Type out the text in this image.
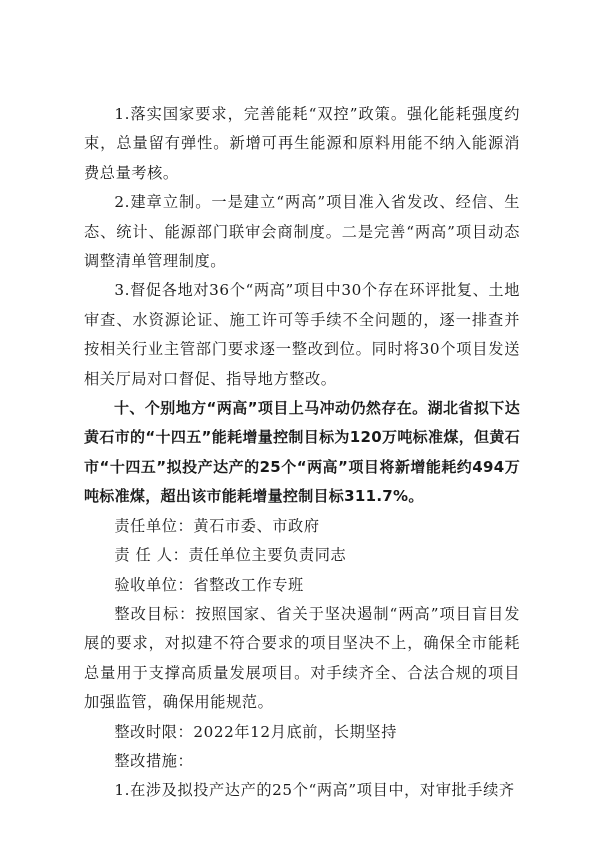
1.落实国家要求，完善能耗“双控”政策。强化能耗强度约束，总量留有弹性。新增可再生能源和原料用能不纳入能源消费总量考核。

2.建章立制。一是建立“两高”项目准入省发改、经信、生态、统计、能源部门联审会商制度。二是完善“两高”项目动态调整清单管理制度。

3.督促各地对36个“两高”项目中30个存在环评批复、土地审查、水资源论证、施工许可等手续不全问题的，逐一排查并按相关行业主管部门要求逐一整改到位。同时将30个项目发送相关厅局对口督促、指导地方整改。

十、个别地方“两高”项目上马冲动仍然存在。湖北省拟下达黄石市的“十四五”能耗增量控制目标为120万吨标准煤，但黄石市“十四五”拟投产达产的25个“两高”项目将新增能耗约494万吨标准煤，超出该市能耗增量控制目标311.7%。

责任单位：黄石市委、市政府

责 任 人：责任单位主要负责同志

验收单位：省整改工作专班

整改目标：按照国家、省关于坚决遏制“两高”项目盲目发展的要求，对拟建不符合要求的项目坚决不上，确保全市能耗总量用于支撑高质量发展项目。对手续齐全、合法合规的项目加强监管，确保用能规范。

整改时限：2022年12月底前，长期坚持

整改措施：

1.在涉及拟投产达产的25个“两高”项目中，对审批手续齐
